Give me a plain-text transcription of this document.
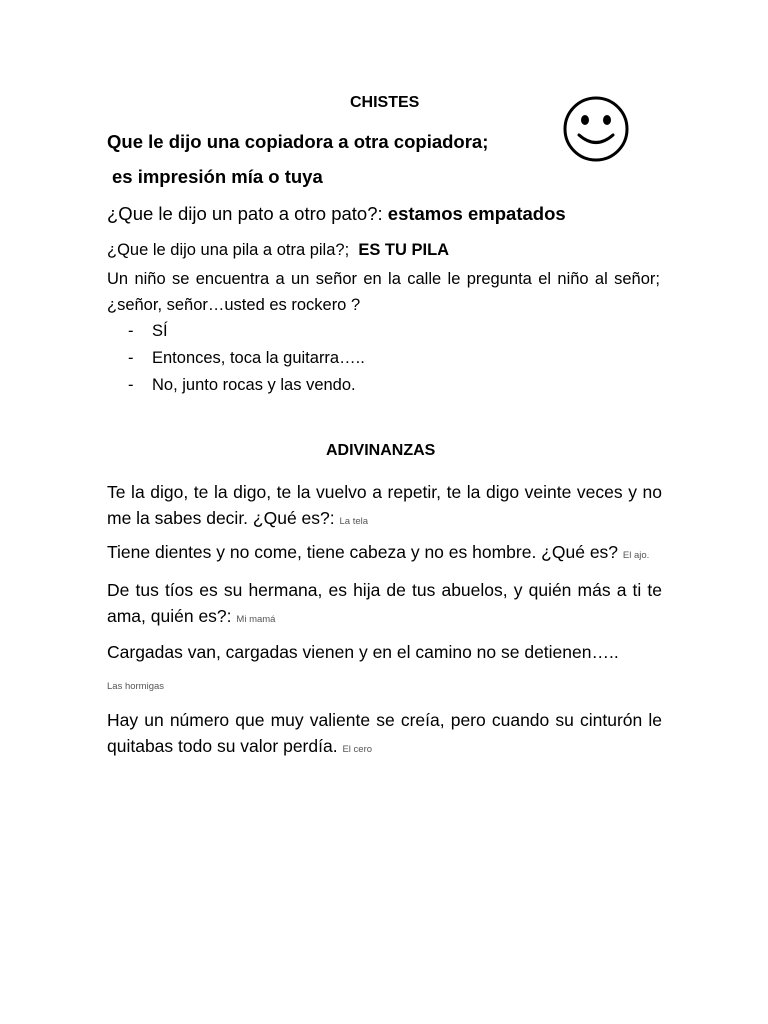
CHISTES
Que le dijo una copiadora a otra copiadora;
es impresión mía o tuya
¿Que le dijo un pato a otro pato?: estamos empatados
¿Que le dijo una pila a otra pila?; ES TU PILA
Un niño se encuentra a un señor en la calle le pregunta el niño al señor; ¿señor, señor…usted es rockero ?
- SÍ
- Entonces, toca la guitarra…..
- No, junto rocas y las vendo.
ADIVINANZAS
Te la digo, te la digo, te la vuelvo a repetir, te la digo veinte veces y no me la sabes decir. ¿Qué es?: La tela
Tiene dientes y no come, tiene cabeza y no es hombre. ¿Qué es? El ajo.
De tus tíos es su hermana, es hija de tus abuelos, y quién más a ti te ama, quién es?: Mi mamá
Cargadas van, cargadas vienen y en el camino no se detienen…..
Las hormigas
Hay un número que muy valiente se creía, pero cuando su cinturón le quitabas todo su valor perdía. El cero
